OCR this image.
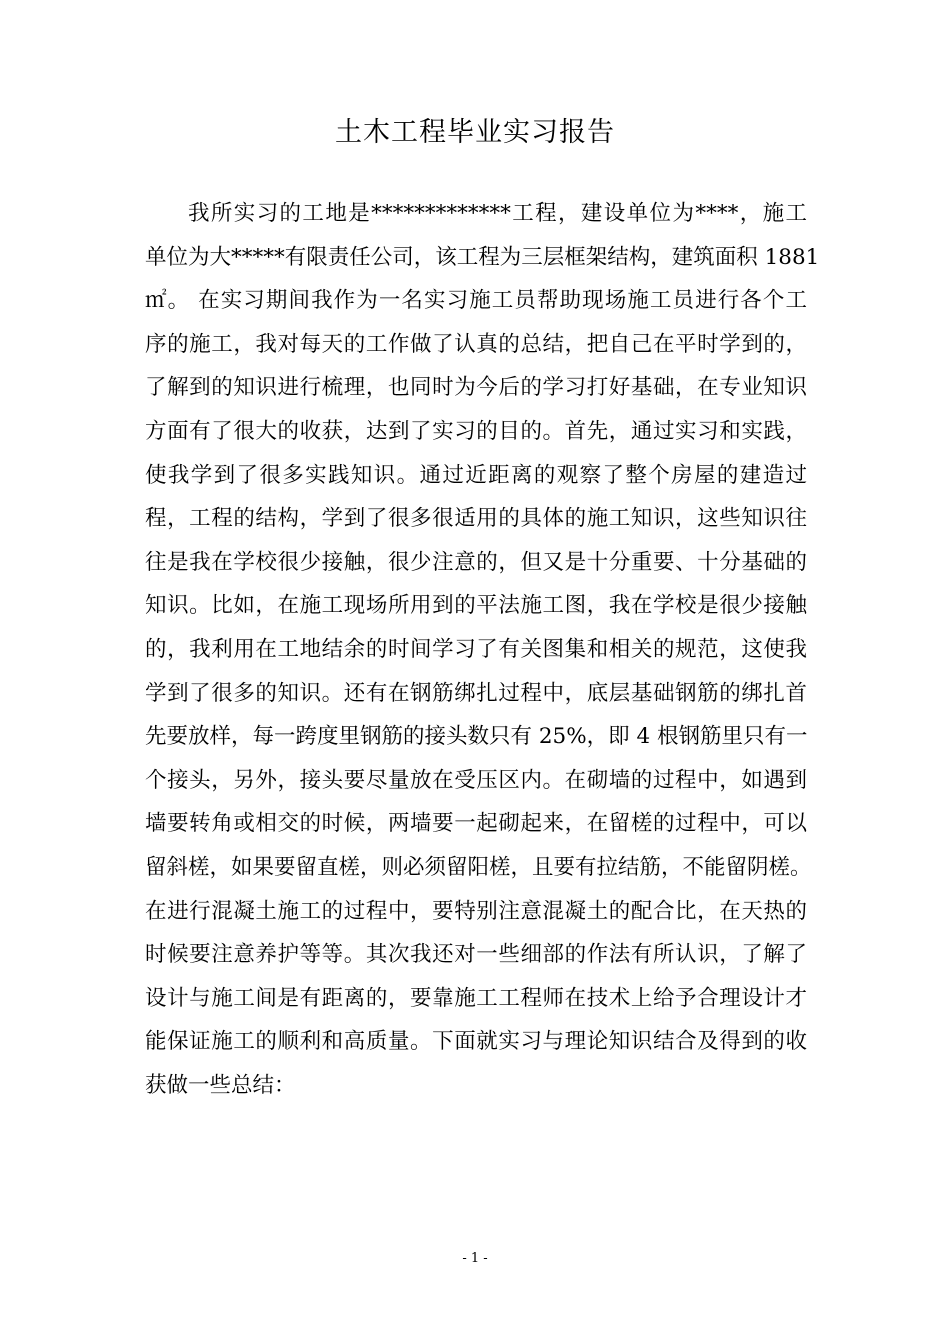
土木工程毕业实习报告
我所实习的工地是*************工程，建设单位为****，施工
单位为大*****有限责任公司，该工程为三层框架结构，建筑面积 1881
㎡。 在实习期间我作为一名实习施工员帮助现场施工员进行各个工
序的施工，我对每天的工作做了认真的总结，把自己在平时学到的，
了解到的知识进行梳理，也同时为今后的学习打好基础，在专业知识
方面有了很大的收获，达到了实习的目的。首先，通过实习和实践，
使我学到了很多实践知识。通过近距离的观察了整个房屋的建造过
程，工程的结构，学到了很多很适用的具体的施工知识，这些知识往
往是我在学校很少接触，很少注意的，但又是十分重要、十分基础的
知识。比如，在施工现场所用到的平法施工图，我在学校是很少接触
的，我利用在工地结余的时间学习了有关图集和相关的规范，这使我
学到了很多的知识。还有在钢筋绑扎过程中，底层基础钢筋的绑扎首
先要放样，每一跨度里钢筋的接头数只有 25%，即 4 根钢筋里只有一
个接头，另外，接头要尽量放在受压区内。在砌墙的过程中，如遇到
墙要转角或相交的时候，两墙要一起砌起来，在留槎的过程中，可以
留斜槎，如果要留直槎，则必须留阳槎，且要有拉结筋，不能留阴槎。
在进行混凝土施工的过程中，要特别注意混凝土的配合比，在天热的
时候要注意养护等等。其次我还对一些细部的作法有所认识，了解了
设计与施工间是有距离的，要靠施工工程师在技术上给予合理设计才
能保证施工的顺利和高质量。下面就实习与理论知识结合及得到的收
获做一些总结：
- 1 -
